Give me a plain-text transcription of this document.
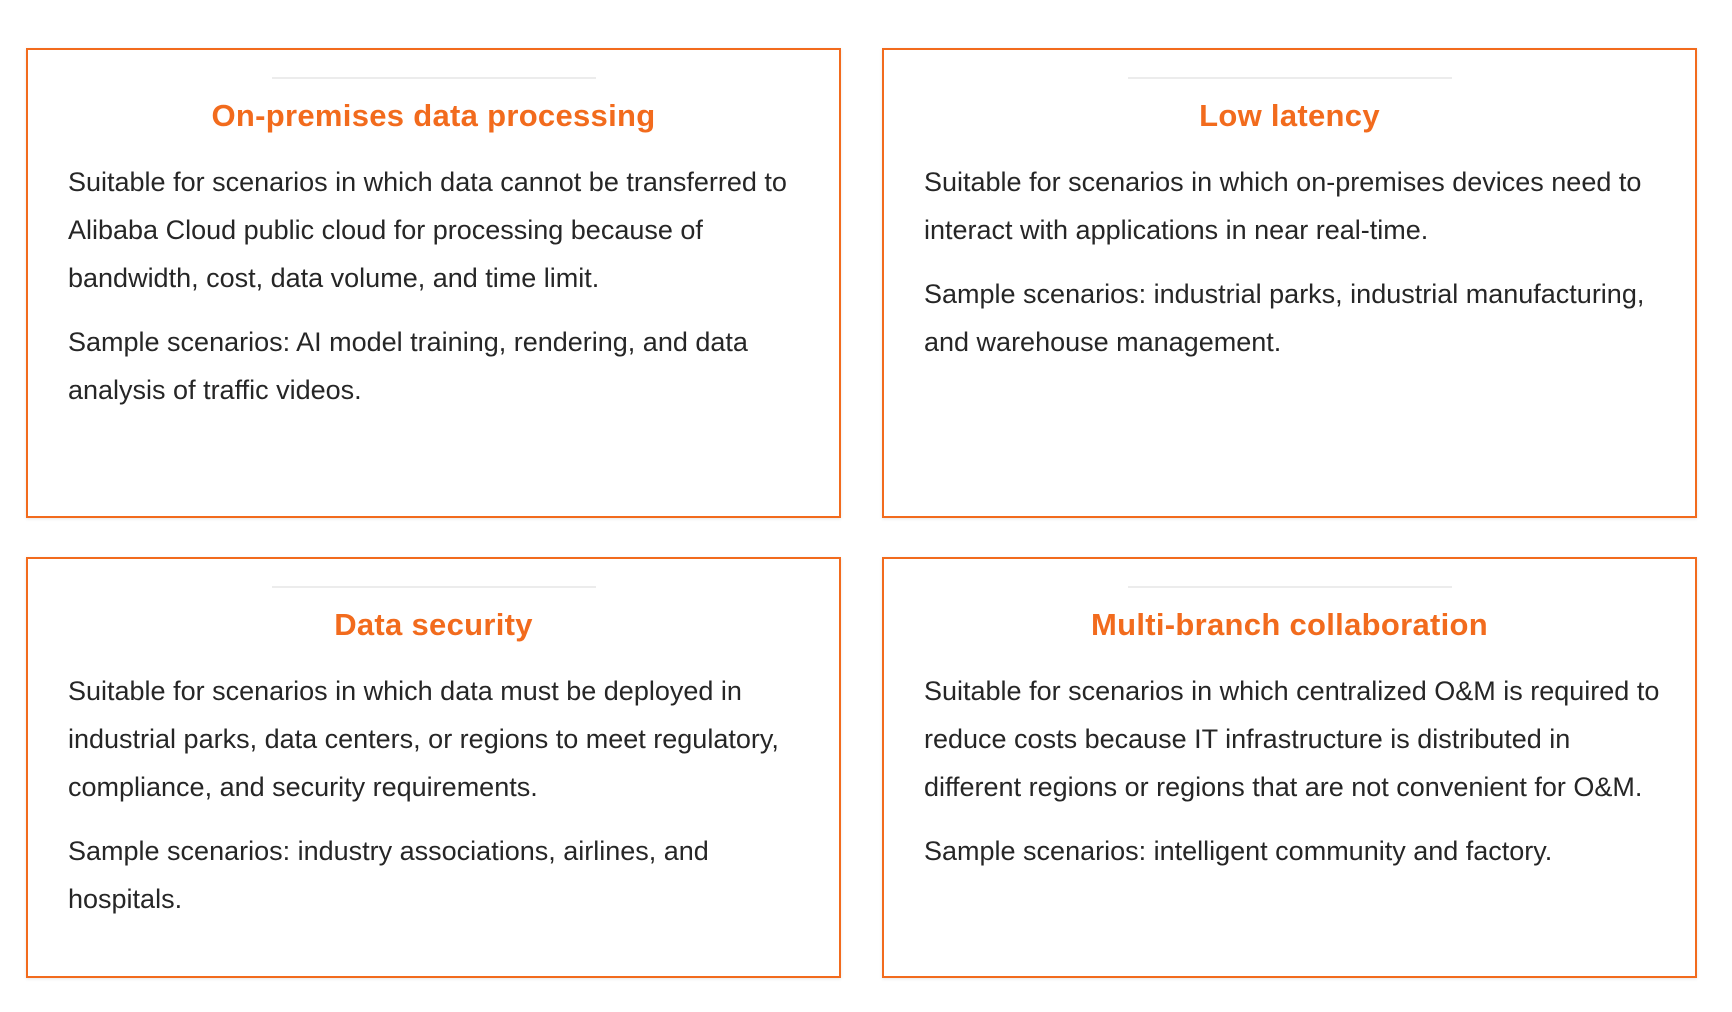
On-premises data processing

Suitable for scenarios in which data cannot be transferred to Alibaba Cloud public cloud for processing because of bandwidth, cost, data volume, and time limit.

Sample scenarios: AI model training, rendering, and data analysis of traffic videos.

Low latency

Suitable for scenarios in which on-premises devices need to interact with applications in near real-time.

Sample scenarios: industrial parks, industrial manufacturing, and warehouse management.

Data security

Suitable for scenarios in which data must be deployed in industrial parks, data centers, or regions to meet regulatory, compliance, and security requirements.

Sample scenarios: industry associations, airlines, and hospitals.

Multi-branch collaboration

Suitable for scenarios in which centralized O&M is required to reduce costs because IT infrastructure is distributed in different regions or regions that are not convenient for O&M.

Sample scenarios: intelligent community and factory.
